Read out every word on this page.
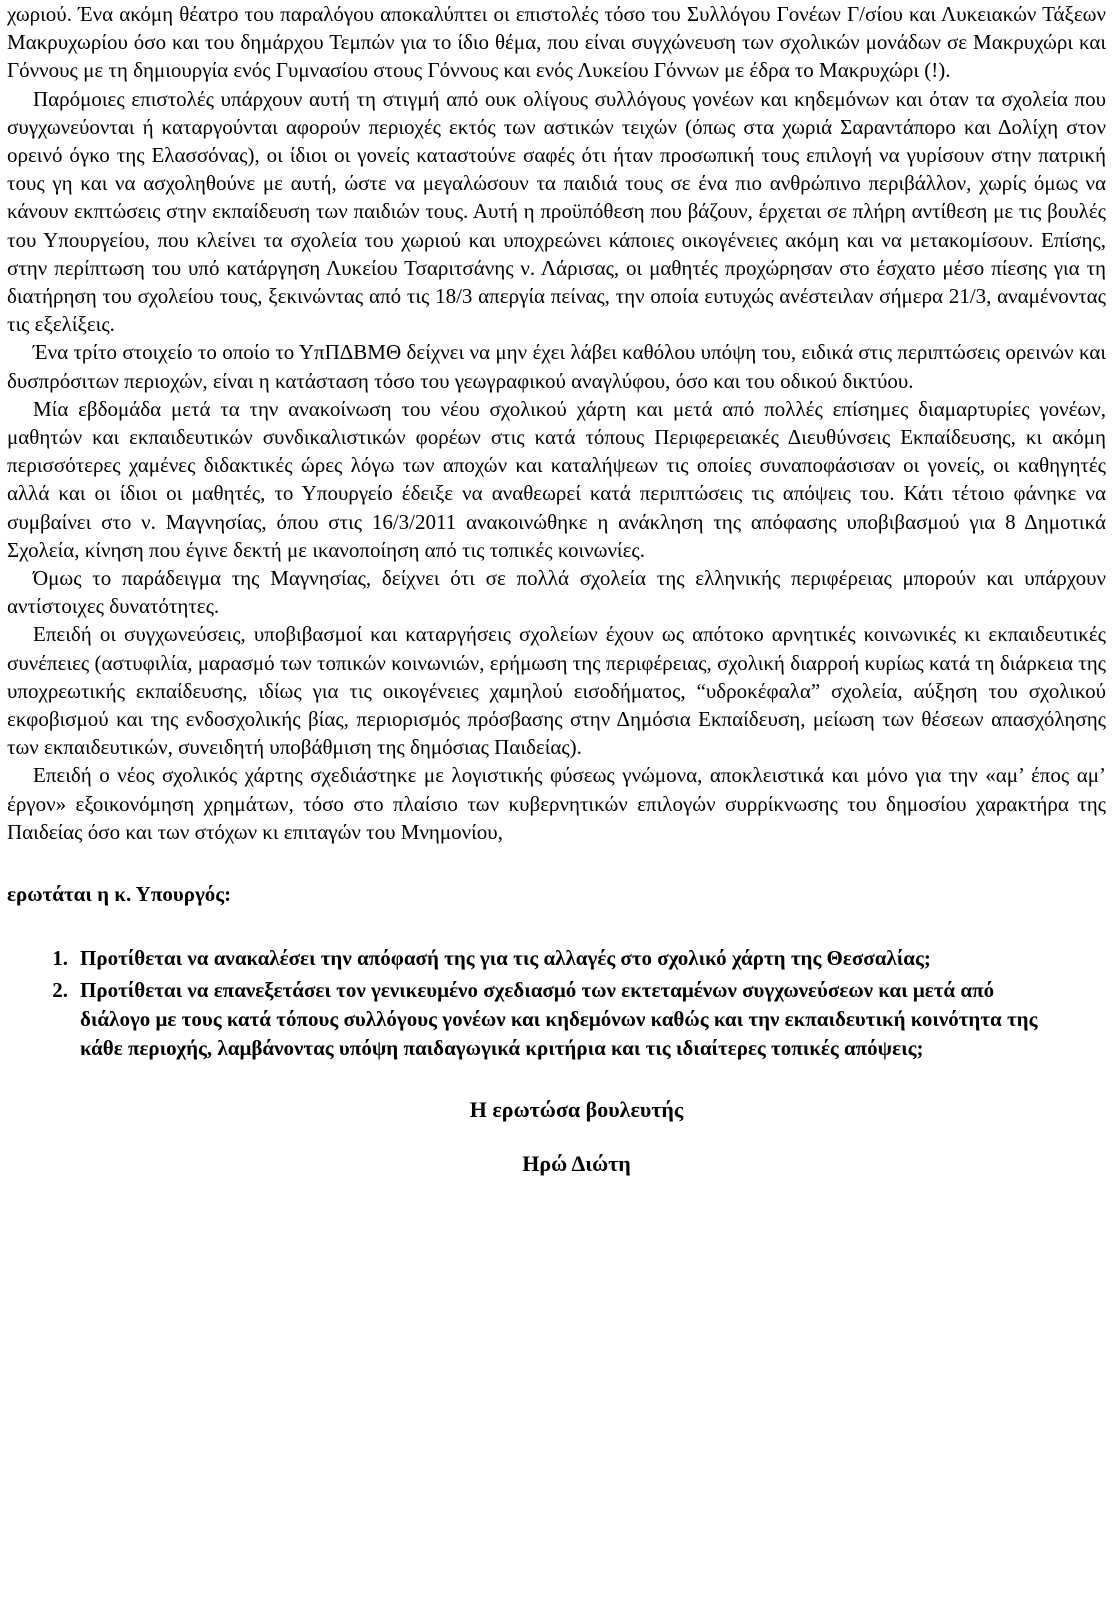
χωριού. Ένα ακόμη θέατρο του παραλόγου αποκαλύπτει οι επιστολές τόσο του Συλλόγου Γονέων Γ/σίου και Λυκειακών Τάξεων Μακρυχωρίου όσο και του δημάρχου Τεμπών για το ίδιο θέμα, που είναι συγχώνευση των σχολικών μονάδων σε Μακρυχώρι και Γόννους με τη δημιουργία ενός Γυμνασίου στους Γόννους και ενός Λυκείου Γόννων με έδρα το Μακρυχώρι (!).

Παρόμοιες επιστολές υπάρχουν αυτή τη στιγμή από ουκ ολίγους συλλόγους γονέων και κηδεμόνων και όταν τα σχολεία που συγχωνεύονται ή καταργούνται αφορούν περιοχές εκτός των αστικών τειχών (όπως στα χωριά Σαραντάπορο και Δολίχη στον ορεινό όγκο της Ελασσόνας), οι ίδιοι οι γονείς καταστούνε σαφές ότι ήταν προσωπική τους επιλογή να γυρίσουν στην πατρική τους γη και να ασχοληθούνε με αυτή, ώστε να μεγαλώσουν τα παιδιά τους σε ένα πιο ανθρώπινο περιβάλλον, χωρίς όμως να κάνουν εκπτώσεις στην εκπαίδευση των παιδιών τους. Αυτή η προϋπόθεση που βάζουν, έρχεται σε πλήρη αντίθεση με τις βουλές του Υπουργείου, που κλείνει τα σχολεία του χωριού και υποχρεώνει κάποιες οικογένειες ακόμη και να μετακομίσουν. Επίσης, στην περίπτωση του υπό κατάργηση Λυκείου Τσαριτσάνης ν. Λάρισας, οι μαθητές προχώρησαν στο έσχατο μέσο πίεσης για τη διατήρηση του σχολείου τους, ξεκινώντας από τις 18/3 απεργία πείνας, την οποία ευτυχώς ανέστειλαν σήμερα 21/3, αναμένοντας τις εξελίξεις.

Ένα τρίτο στοιχείο το οποίο το ΥπΠΔΒΜΘ δείχνει να μην έχει λάβει καθόλου υπόψη του, ειδικά στις περιπτώσεις ορεινών και δυσπρόσιτων περιοχών, είναι η κατάσταση τόσο του γεωγραφικού αναγλύφου, όσο και του οδικού δικτύου.

Μία εβδομάδα μετά τα την ανακοίνωση του νέου σχολικού χάρτη και μετά από πολλές επίσημες διαμαρτυρίες γονέων, μαθητών και εκπαιδευτικών συνδικαλιστικών φορέων στις κατά τόπους Περιφερειακές Διευθύνσεις Εκπαίδευσης, κι ακόμη περισσότερες χαμένες διδακτικές ώρες λόγω των αποχών και καταλήψεων τις οποίες συναποφάσισαν οι γονείς, οι καθηγητές αλλά και οι ίδιοι οι μαθητές, το Υπουργείο έδειξε να αναθεωρεί κατά περιπτώσεις τις απόψεις του. Κάτι τέτοιο φάνηκε να συμβαίνει στο ν. Μαγνησίας, όπου στις 16/3/2011 ανακοινώθηκε η ανάκληση της απόφασης υποβιβασμού για 8 Δημοτικά Σχολεία, κίνηση που έγινε δεκτή με ικανοποίηση από τις τοπικές κοινωνίες.

Όμως το παράδειγμα της Μαγνησίας, δείχνει ότι σε πολλά σχολεία της ελληνικής περιφέρειας μπορούν και υπάρχουν αντίστοιχες δυνατότητες.

Επειδή οι συγχωνεύσεις, υποβιβασμοί και καταργήσεις σχολείων έχουν ως απότοκο αρνητικές κοινωνικές κι εκπαιδευτικές συνέπειες (αστυφιλία, μαρασμό των τοπικών κοινωνιών, ερήμωση της περιφέρειας, σχολική διαρροή κυρίως κατά τη διάρκεια της υποχρεωτικής εκπαίδευσης, ιδίως για τις οικογένειες χαμηλού εισοδήματος, “υδροκέφαλα” σχολεία, αύξηση του σχολικού εκφοβισμού και της ενδοσχολικής βίας, περιορισμός πρόσβασης στην Δημόσια Εκπαίδευση, μείωση των θέσεων απασχόλησης των εκπαιδευτικών, συνειδητή υποβάθμιση της δημόσιας Παιδείας).

Επειδή ο νέος σχολικός χάρτης σχεδιάστηκε με λογιστικής φύσεως γνώμονα, αποκλειστικά και μόνο για την «αμ’ έπος αμ’ έργον» εξοικονόμηση χρημάτων, τόσο στο πλαίσιο των κυβερνητικών επιλογών συρρίκνωσης του δημοσίου χαρακτήρα της Παιδείας όσο και των στόχων κι επιταγών του Μνημονίου,

ερωτάται η κ. Υπουργός:

1. Προτίθεται να ανακαλέσει την απόφασή της για τις αλλαγές στο σχολικό χάρτη της Θεσσαλίας;
2. Προτίθεται να επανεξετάσει τον γενικευμένο σχεδιασμό των εκτεταμένων συγχωνεύσεων και μετά από διάλογο με τους κατά τόπους συλλόγους γονέων και κηδεμόνων καθώς και την εκπαιδευτική κοινότητα της κάθε περιοχής, λαμβάνοντας υπόψη παιδαγωγικά κριτήρια και τις ιδιαίτερες τοπικές απόψεις;

Η ερωτώσα βουλευτής

Ηρώ Διώτη
